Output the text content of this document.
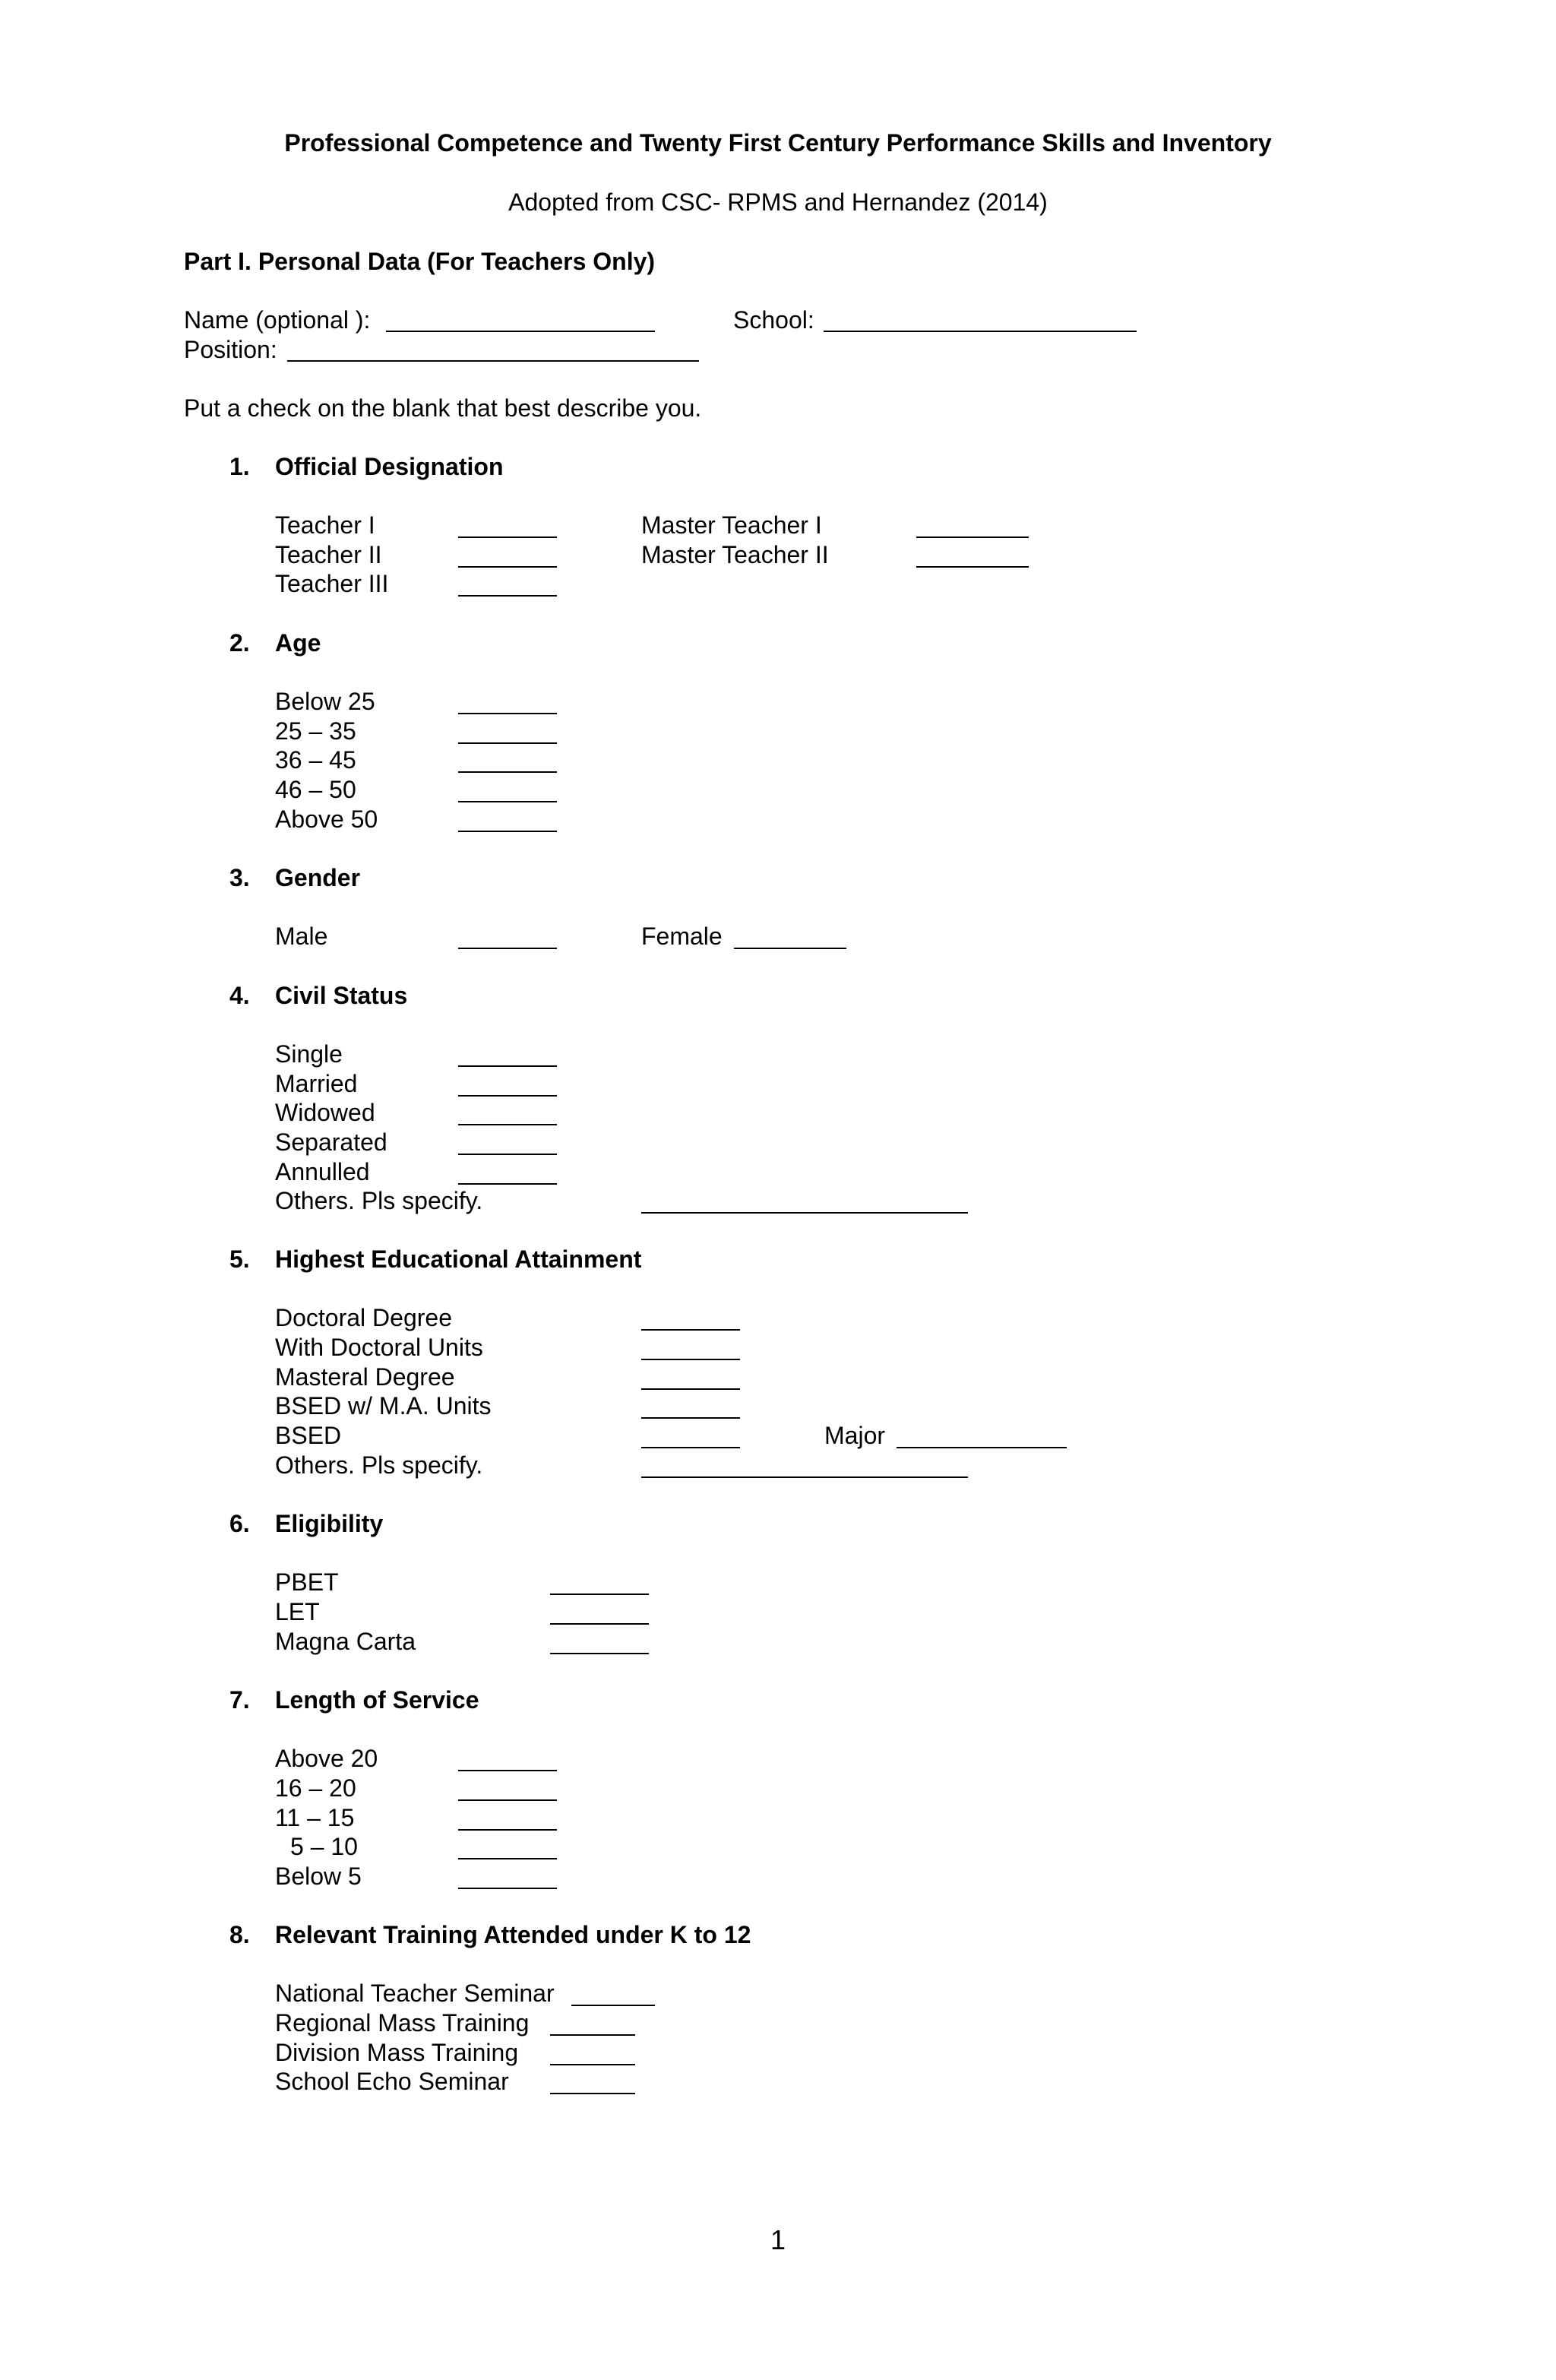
Professional Competence and Twenty First Century Performance Skills and Inventory
Adopted from CSC- RPMS and Hernandez (2014)
Part I. Personal Data (For Teachers Only)
Name (optional ):	School:
Position:
Put a check on the blank that best describe you.
1. Official Designation
Teacher I	Master Teacher I
Teacher II	Master Teacher II
Teacher III
2. Age
Below 25
25 – 35
36 – 45
46 – 50
Above 50
3. Gender
Male	Female
4. Civil Status
Single
Married
Widowed
Separated
Annulled
Others. Pls specify.
5. Highest Educational Attainment
Doctoral Degree
With Doctoral Units
Masteral Degree
BSED w/ M.A. Units
BSED	Major
Others. Pls specify.
6. Eligibility
PBET
LET
Magna Carta
7. Length of Service
Above 20
16 – 20
11 – 15
5 – 10
Below 5
8. Relevant Training Attended under K to 12
National Teacher Seminar
Regional Mass Training
Division Mass Training
School Echo Seminar
1
